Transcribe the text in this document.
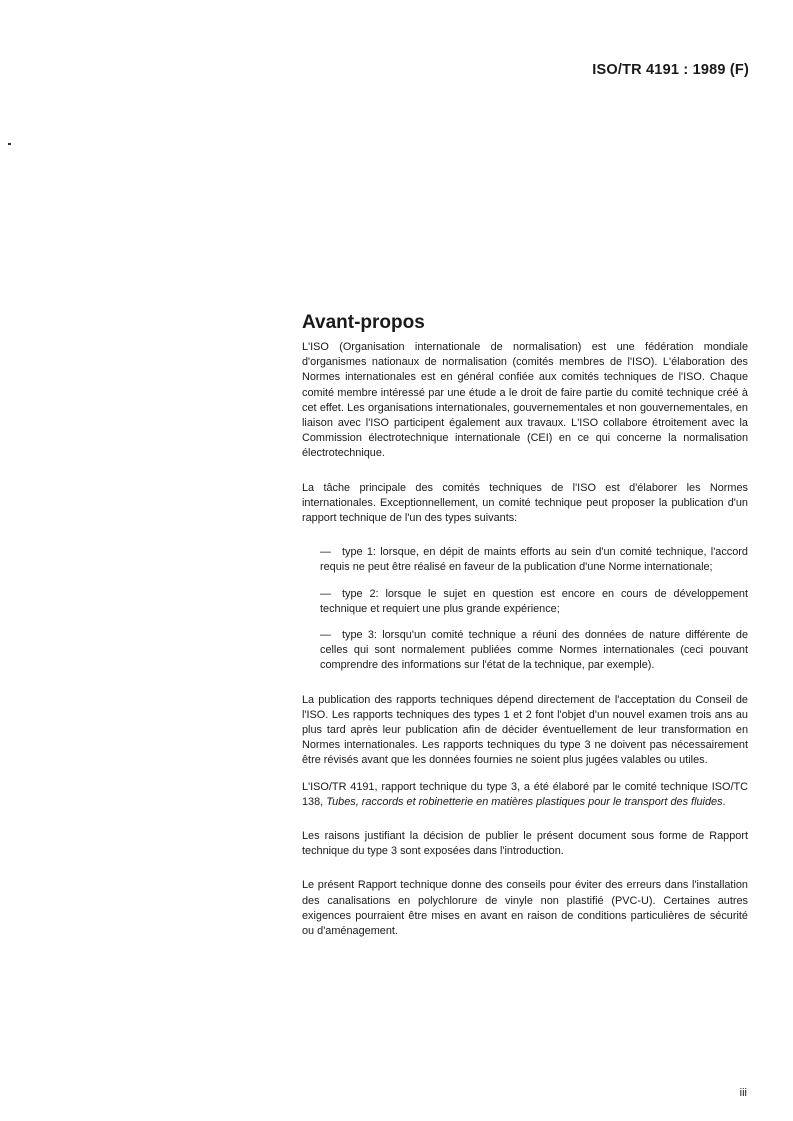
ISO/TR 4191 : 1989 (F)
Avant-propos

L'ISO (Organisation internationale de normalisation) est une fédération mondiale d'organismes nationaux de normalisation (comités membres de l'ISO). L'élaboration des Normes internationales est en général confiée aux comités techniques de l'ISO. Chaque comité membre intéressé par une étude a le droit de faire partie du comité technique créé à cet effet. Les organisations internationales, gouvernementales et non gouvernementales, en liaison avec l'ISO participent également aux travaux. L'ISO collabore étroitement avec la Commission électrotechnique internationale (CEI) en ce qui concerne la normalisation électrotechnique.

La tâche principale des comités techniques de l'ISO est d'élaborer les Normes internationales. Exceptionnellement, un comité technique peut proposer la publication d'un rapport technique de l'un des types suivants:

— type 1: lorsque, en dépit de maints efforts au sein d'un comité technique, l'accord requis ne peut être réalisé en faveur de la publication d'une Norme internationale;

— type 2: lorsque le sujet en question est encore en cours de développement technique et requiert une plus grande expérience;

— type 3: lorsqu'un comité technique a réuni des données de nature différente de celles qui sont normalement publiées comme Normes internationales (ceci pouvant comprendre des informations sur l'état de la technique, par exemple).

La publication des rapports techniques dépend directement de l'acceptation du Conseil de l'ISO. Les rapports techniques des types 1 et 2 font l'objet d'un nouvel examen trois ans au plus tard après leur publication afin de décider éventuellement de leur transformation en Normes internationales. Les rapports techniques du type 3 ne doivent pas nécessairement être révisés avant que les données fournies ne soient plus jugées valables ou utiles.

L'ISO/TR 4191, rapport technique du type 3, a été élaboré par le comité technique ISO/TC 138, Tubes, raccords et robinetterie en matières plastiques pour le transport des fluides.

Les raisons justifiant la décision de publier le présent document sous forme de Rapport technique du type 3 sont exposées dans l'introduction.

Le présent Rapport technique donne des conseils pour éviter des erreurs dans l'installation des canalisations en polychlorure de vinyle non plastifié (PVC-U). Certaines autres exigences pourraient être mises en avant en raison de conditions particulières de sécurité ou d'aménagement.

iii
